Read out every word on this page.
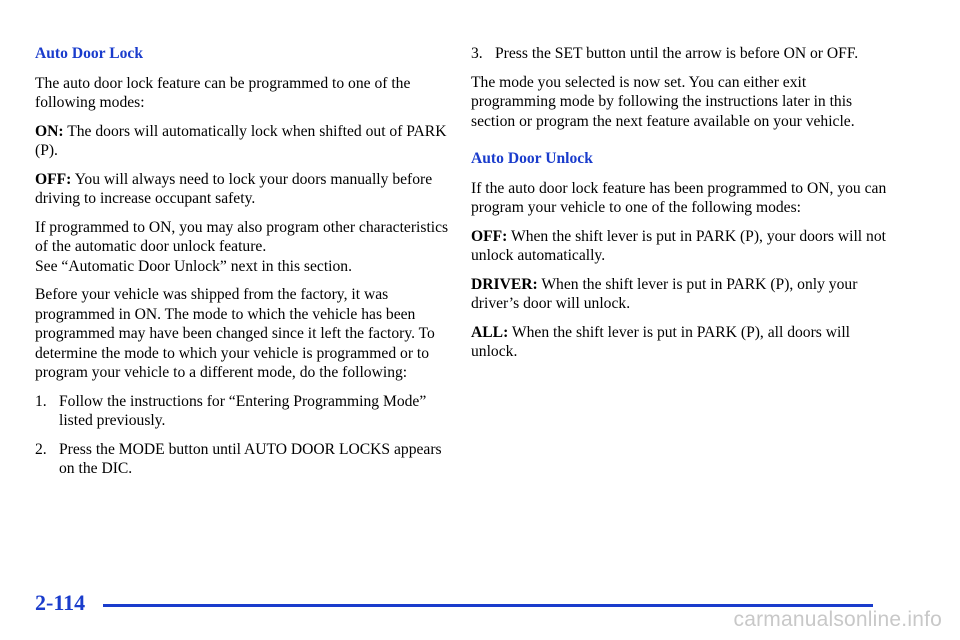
Auto Door Lock

The auto door lock feature can be programmed to one of the following modes:

ON: The doors will automatically lock when shifted out of PARK (P).

OFF: You will always need to lock your doors manually before driving to increase occupant safety.

If programmed to ON, you may also program other characteristics of the automatic door unlock feature.
See “Automatic Door Unlock” next in this section.

Before your vehicle was shipped from the factory, it was programmed in ON. The mode to which the vehicle has been programmed may have been changed since it left the factory. To determine the mode to which your vehicle is programmed or to program your vehicle to a different mode, do the following:

1. Follow the instructions for “Entering Programming Mode” listed previously.
2. Press the MODE button until AUTO DOOR LOCKS appears on the DIC.
3. Press the SET button until the arrow is before ON or OFF.

The mode you selected is now set. You can either exit programming mode by following the instructions later in this section or program the next feature available on your vehicle.

Auto Door Unlock

If the auto door lock feature has been programmed to ON, you can program your vehicle to one of the following modes:

OFF: When the shift lever is put in PARK (P), your doors will not unlock automatically.

DRIVER: When the shift lever is put in PARK (P), only your driver’s door will unlock.

ALL: When the shift lever is put in PARK (P), all doors will unlock.

2-114
carmanualsonline.info
